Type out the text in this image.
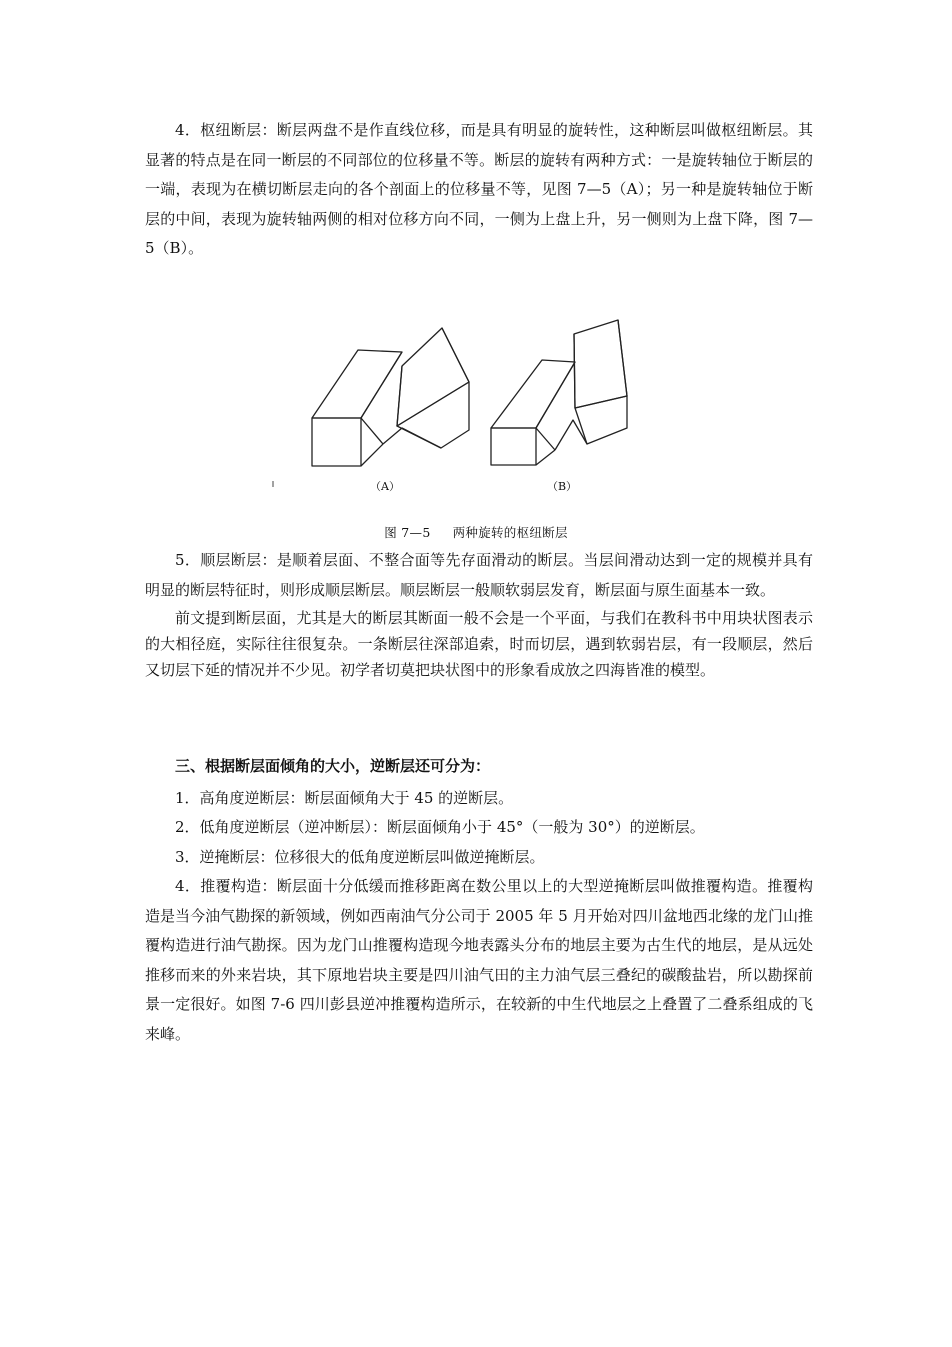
4．枢纽断层：断层两盘不是作直线位移，而是具有明显的旋转性，这种断层叫做枢纽断层。其显著的特点是在同一断层的不同部位的位移量不等。断层的旋转有两种方式：一是旋转轴位于断层的一端，表现为在横切断层走向的各个剖面上的位移量不等，见图 7—5（A）；另一种是旋转轴位于断层的中间，表现为旋转轴两侧的相对位移方向不同，一侧为上盘上升，另一侧则为上盘下降，图 7—5（B）。

（A）	（B）
图 7—5 两种旋转的枢纽断层

5．顺层断层：是顺着层面、不整合面等先存面滑动的断层。当层间滑动达到一定的规模并具有明显的断层特征时，则形成顺层断层。顺层断层一般顺软弱层发育，断层面与原生面基本一致。

前文提到断层面，尤其是大的断层其断面一般不会是一个平面，与我们在教科书中用块状图表示的大相径庭，实际往往很复杂。一条断层往深部追索，时而切层，遇到软弱岩层，有一段顺层，然后又切层下延的情况并不少见。初学者切莫把块状图中的形象看成放之四海皆准的模型。

三、根据断层面倾角的大小，逆断层还可分为：

1．高角度逆断层：断层面倾角大于 45 的逆断层。

2．低角度逆断层（逆冲断层）：断层面倾角小于 45°（一般为 30°）的逆断层。

3．逆掩断层：位移很大的低角度逆断层叫做逆掩断层。

4．推覆构造：断层面十分低缓而推移距离在数公里以上的大型逆掩断层叫做推覆构造。推覆构造是当今油气勘探的新领域，例如西南油气分公司于 2005 年 5 月开始对四川盆地西北缘的龙门山推覆构造进行油气勘探。因为龙门山推覆构造现今地表露头分布的地层主要为古生代的地层，是从远处推移而来的外来岩块，其下原地岩块主要是四川油气田的主力油气层三叠纪的碳酸盐岩，所以勘探前景一定很好。如图 7-6 四川彭县逆冲推覆构造所示，在较新的中生代地层之上叠置了二叠系组成的飞来峰。
